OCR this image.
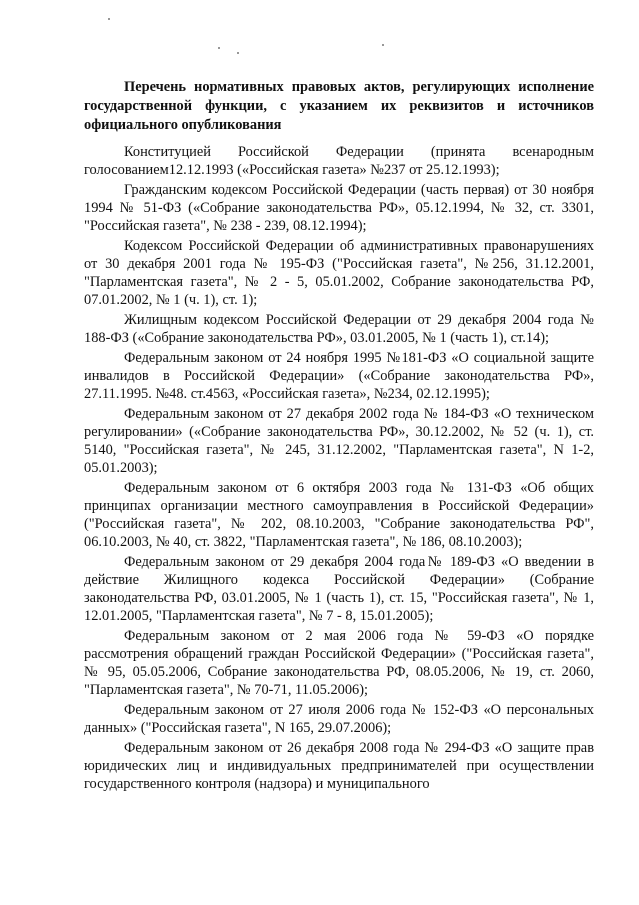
Перечень нормативных правовых актов, регулирующих исполнение государственной функции, с указанием их реквизитов и источников официального опубликования

Конституцией Российской Федерации (принята всенародным голосованием12.12.1993 («Российская газета» №237 от 25.12.1993);

Гражданским кодексом Российской Федерации (часть первая) от 30 ноября 1994 № 51-ФЗ («Собрание законодательства РФ», 05.12.1994, № 32, ст. 3301, "Российская газета", № 238 - 239, 08.12.1994);

Кодексом Российской Федерации об административных правонарушениях от 30 декабря 2001 года № 195-ФЗ ("Российская газета", №256, 31.12.2001, "Парламентская газета", № 2 - 5, 05.01.2002, Собрание законодательства РФ, 07.01.2002, № 1 (ч. 1), ст. 1);

Жилищным кодексом Российской Федерации от 29 декабря 2004 года № 188-ФЗ («Собрание законодательства РФ», 03.01.2005, № 1 (часть 1), ст.14);

Федеральным законом от 24 ноября 1995 №181-ФЗ «О социальной защите инвалидов в Российской Федерации» («Собрание законодательства РФ», 27.11.1995. №48. ст.4563, «Российская газета», №234, 02.12.1995);

Федеральным законом от 27 декабря 2002 года № 184-ФЗ «О техническом регулировании» («Собрание законодательства РФ», 30.12.2002, № 52 (ч. 1), ст. 5140, "Российская газета", № 245, 31.12.2002, "Парламентская газета", N 1-2, 05.01.2003);

Федеральным законом от 6 октября 2003 года № 131-ФЗ «Об общих принципах организации местного самоуправления в Российской Федерации» ("Российская газета", № 202, 08.10.2003, "Собрание законодательства РФ", 06.10.2003, № 40, ст. 3822, "Парламентская газета", № 186, 08.10.2003);

Федеральным законом от 29 декабря 2004 года№ 189-ФЗ «О введении в действие Жилищного кодекса Российской Федерации» (Собрание законодательства РФ, 03.01.2005, № 1 (часть 1), ст. 15, "Российская газета", № 1, 12.01.2005, "Парламентская газета", № 7 - 8, 15.01.2005);

Федеральным законом от 2 мая 2006 года № 59-ФЗ «О порядке рассмотрения обращений граждан Российской Федерации» ("Российская газета", № 95, 05.05.2006, Собрание законодательства РФ, 08.05.2006, № 19, ст. 2060, "Парламентская газета", № 70-71, 11.05.2006);

Федеральным законом от 27 июля 2006 года № 152-ФЗ «О персональных данных» ("Российская газета", N 165, 29.07.2006);

Федеральным законом от 26 декабря 2008 года № 294-ФЗ «О защите прав юридических лиц и индивидуальных предпринимателей при осуществлении государственного контроля (надзора) и муниципального
